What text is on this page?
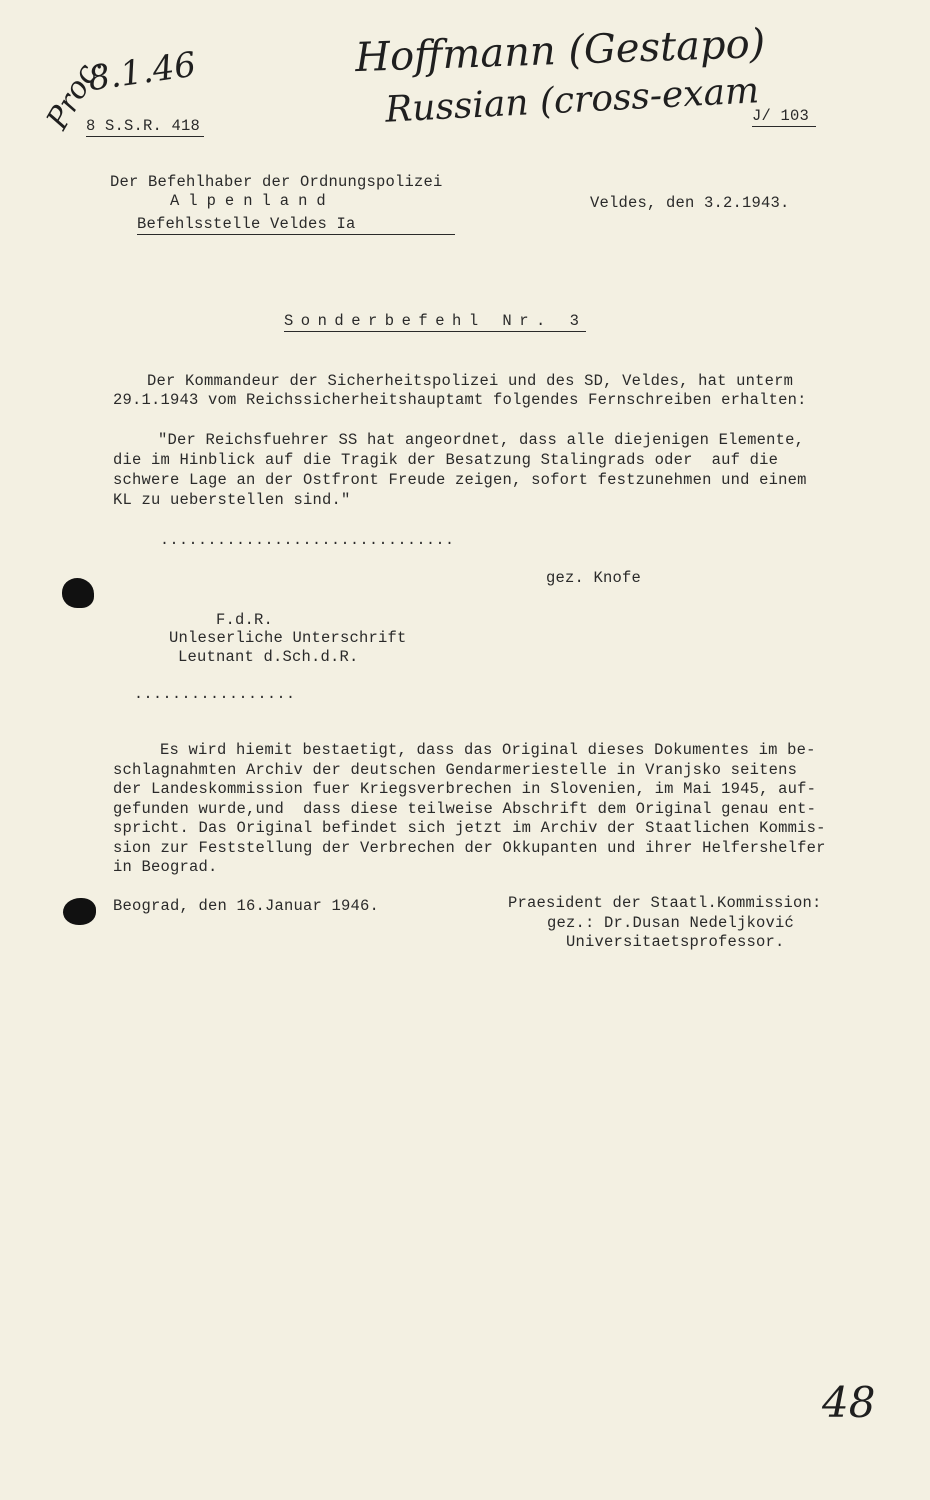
Proc.
8.1.46	Hoffmann (Gestapo)
Russian (cross-exam
8 S.S.R. 418
J/ 103
Der Befehlhaber der Ordnungspolizei
Alpenland
Befehlsstelle Veldes Ia
Veldes, den 3.2.1943.
Sonderbefehl Nr. 3
Der Kommandeur der Sicherheitspolizei und des SD, Veldes, hat unterm
29.1.1943 vom Reichssicherheitshauptamt folgendes Fernschreiben erhalten:
"Der Reichsfuehrer SS hat angeordnet, dass alle diejenigen Elemente,
die im Hinblick auf die Tragik der Besatzung Stalingrads oder  auf die
schwere Lage an der Ostfront Freude zeigen, sofort festzunehmen und einem
KL zu ueberstellen sind."
...............................
gez. Knofe
F.d.R.
Unleserliche Unterschrift
Leutnant d.Sch.d.R.
.................
Es wird hiemit bestaetigt, dass das Original dieses Dokumentes im be-
schlagnahmten Archiv der deutschen Gendarmeriestelle in Vranjsko seitens
der Landeskommission fuer Kriegsverbrechen in Slovenien, im Mai 1945, auf-
gefunden wurde,und  dass diese teilweise Abschrift dem Original genau ent-
spricht. Das Original befindet sich jetzt im Archiv der Staatlichen Kommis-
sion zur Feststellung der Verbrechen der Okkupanten und ihrer Helfershelfer
in Beograd.
Beograd, den 16.Januar 1946.	Praesident der Staatl.Kommission:
gez.: Dr.Dusan Nedeljković
Universitaetsprofessor.
48
